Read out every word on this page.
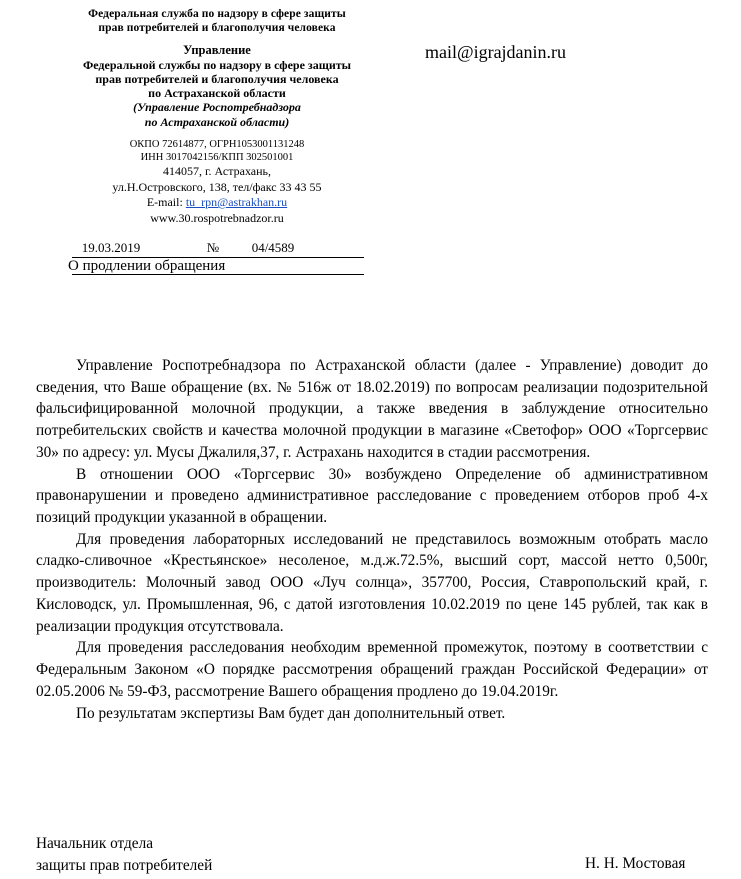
Федеральная служба по надзору в сфере защиты
прав потребителей и благополучия человека
Управление
Федеральной службы по надзору в сфере защиты
прав потребителей и благополучия человека
по Астраханской области
(Управление Роспотребнадзора
по Астраханской области)
ОКПО 72614877, ОГРН1053001131248
ИНН 3017042156/КПП 302501001
414057, г. Астрахань,
ул.Н.Островского, 138, тел/факс 33 43 55
E-mail: tu_rpn@astrakhan.ru
www.30.rospotrebnadzor.ru
mail@igrajdanin.ru
19.03.2019	№	04/4589
О продлении обращения

Управление Роспотребнадзора по Астраханской области (далее - Управление) доводит до сведения, что Ваше обращение (вх. № 516ж от 18.02.2019) по вопросам реализации подозрительной фальсифицированной молочной продукции, а также введения в заблуждение относительно потребительских свойств и качества молочной продукции в магазине «Светофор» ООО «Торгсервис 30» по адресу: ул. Мусы Джалиля,37, г. Астрахань находится в стадии рассмотрения.

В отношении ООО «Торгсервис 30» возбуждено Определение об административном правонарушении и проведено административное расследование с проведением отборов проб 4-х позиций продукции указанной в обращении.

Для проведения лабораторных исследований не представилось возможным отобрать масло сладко-сливочное «Крестьянское» несоленое, м.д.ж.72.5%, высший сорт, массой нетто 0,500г, производитель: Молочный завод ООО «Луч солнца», 357700, Россия, Ставропольский край, г. Кисловодск, ул. Промышленная, 96, с датой изготовления 10.02.2019 по цене 145 рублей, так как в реализации продукция отсутствовала.

Для проведения расследования необходим временной промежуток, поэтому в соответствии с Федеральным Законом «О порядке рассмотрения обращений граждан Российской Федерации» от 02.05.2006 № 59-ФЗ, рассмотрение Вашего обращения продлено до 19.04.2019г.

По результатам экспертизы Вам будет дан дополнительный ответ.

Начальник отдела
защиты прав потребителей	Н. Н. Мостовая
